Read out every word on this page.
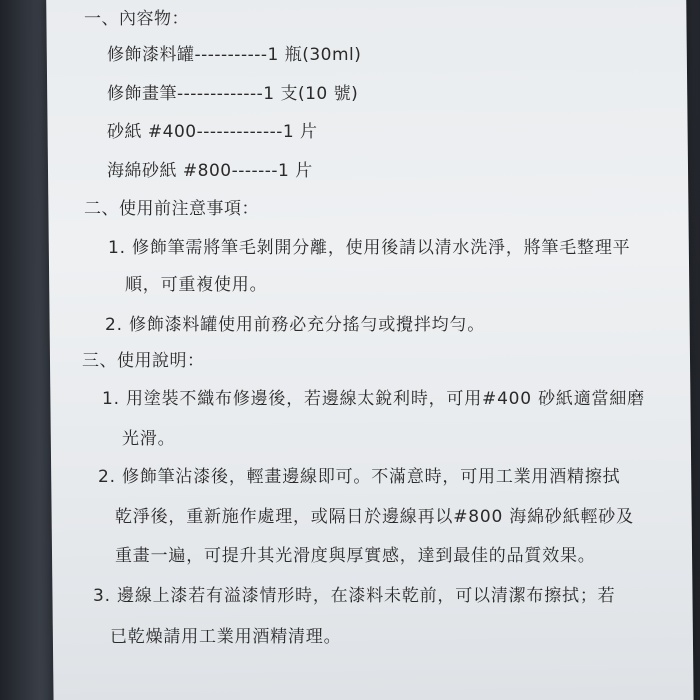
一、內容物：
修飾漆料罐-----------1 瓶(30ml)
修飾畫筆-------------1 支(10 號)
砂紙 #400-------------1 片
海綿砂紙 #800-------1 片
二、使用前注意事項：
1. 修飾筆需將筆毛剝開分離，使用後請以清水洗淨，將筆毛整理平
順，可重複使用。
2. 修飾漆料罐使用前務必充分搖勻或攪拌均勻。
三、使用說明：
1. 用塗裝不織布修邊後，若邊線太銳利時，可用#400 砂紙適當細磨
光滑。
2. 修飾筆沾漆後，輕畫邊線即可。不滿意時，可用工業用酒精擦拭
乾淨後，重新施作處理，或隔日於邊線再以#800 海綿砂紙輕砂及
重畫一遍，可提升其光滑度與厚實感，達到最佳的品質效果。
3. 邊線上漆若有溢漆情形時，在漆料未乾前，可以清潔布擦拭；若
已乾燥請用工業用酒精清理。
